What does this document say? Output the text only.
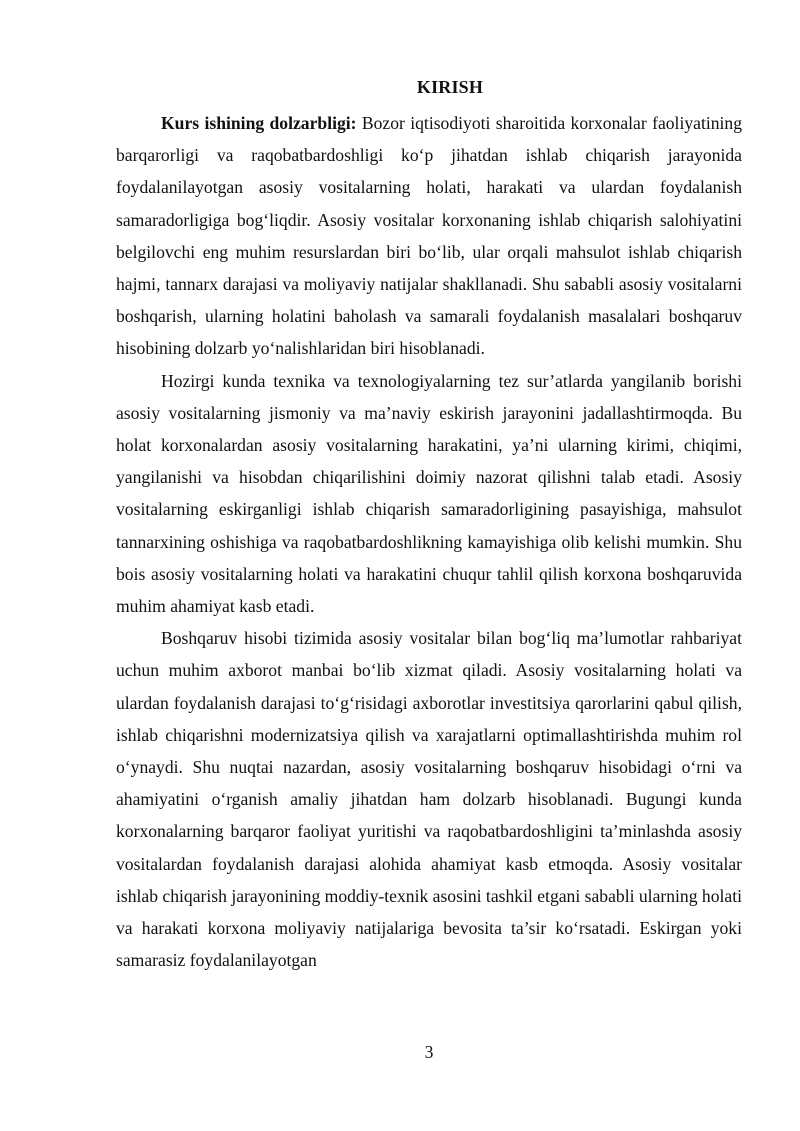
KIRISH

Kurs ishining dolzarbligi: Bozor iqtisodiyoti sharoitida korxonalar faoliyatining barqarorligi va raqobatbardoshligi ko‘p jihatdan ishlab chiqarish jarayonida foydalanilayotgan asosiy vositalarning holati, harakati va ulardan foydalanish samaradorligiga bog‘liqdir. Asosiy vositalar korxonaning ishlab chiqarish salohiyatini belgilovchi eng muhim resurslardan biri bo‘lib, ular orqali mahsulot ishlab chiqarish hajmi, tannarx darajasi va moliyaviy natijalar shakllanadi. Shu sababli asosiy vositalarni boshqarish, ularning holatini baholash va samarali foydalanish masalalari boshqaruv hisobining dolzarb yo‘nalishlaridan biri hisoblanadi.

Hozirgi kunda texnika va texnologiyalarning tez sur’atlarda yangilanib borishi asosiy vositalarning jismoniy va ma’naviy eskirish jarayonini jadallashtirmoqda. Bu holat korxonalardan asosiy vositalarning harakatini, ya’ni ularning kirimi, chiqimi, yangilanishi va hisobdan chiqarilishini doimiy nazorat qilishni talab etadi. Asosiy vositalarning eskirganligi ishlab chiqarish samaradorligining pasayishiga, mahsulot tannarxining oshishiga va raqobatbardoshlikning kamayishiga olib kelishi mumkin. Shu bois asosiy vositalarning holati va harakatini chuqur tahlil qilish korxona boshqaruvida muhim ahamiyat kasb etadi.

Boshqaruv hisobi tizimida asosiy vositalar bilan bog‘liq ma’lumotlar rahbariyat uchun muhim axborot manbai bo‘lib xizmat qiladi. Asosiy vositalarning holati va ulardan foydalanish darajasi to‘g‘risidagi axborotlar investitsiya qarorlarini qabul qilish, ishlab chiqarishni modernizatsiya qilish va xarajatlarni optimallashtirishda muhim rol o‘ynaydi. Shu nuqtai nazardan, asosiy vositalarning boshqaruv hisobidagi o‘rni va ahamiyatini o‘rganish amaliy jihatdan ham dolzarb hisoblanadi. Bugungi kunda korxonalarning barqaror faoliyat yuritishi va raqobatbardoshligini ta’minlashda asosiy vositalardan foydalanish darajasi alohida ahamiyat kasb etmoqda. Asosiy vositalar ishlab chiqarish jarayonining moddiy-texnik asosini tashkil etgani sababli ularning holati va harakati korxona moliyaviy natijalariga bevosita ta’sir ko‘rsatadi. Eskirgan yoki samarasiz foydalanilayotgan

3
